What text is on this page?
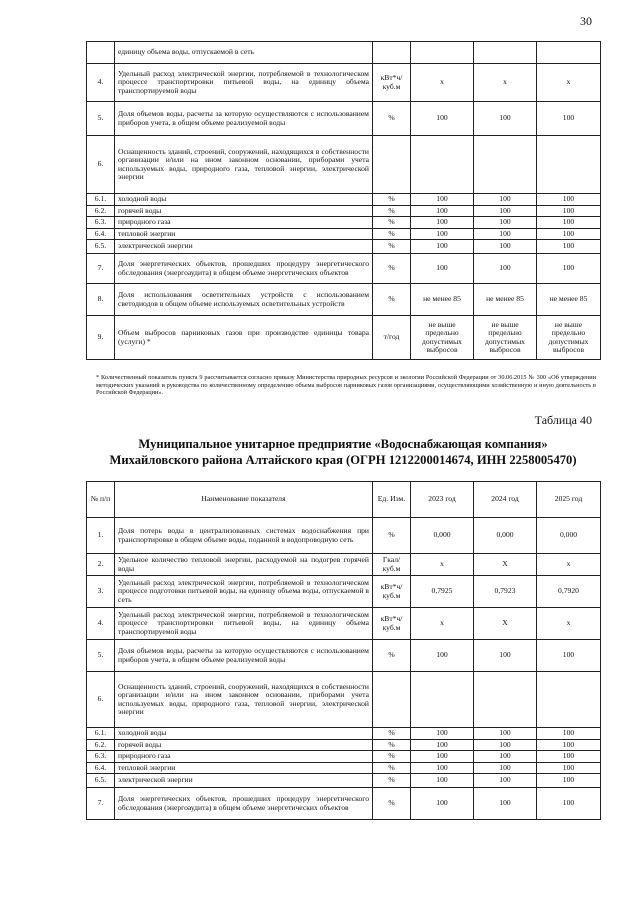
30
	единицу объема воды, отпускаемой в сеть				
4.	Удельный расход электрической энергии, потребляемой в технологическом процессе транспортировки питьевой воды, на единицу объема транспортируемой воды	кВт*ч/куб.м	х	х	х
5.	Доля объемов воды, расчеты за которую осуществляются с использованием приборов учета, в общем объеме реализуемой воды	%	100	100	100
6.	Оснащенность зданий, строений, сооружений, находящихся в собственности организации и/или на ином законном основании, приборами учета используемых воды, природного газа, тепловой энергии, электрической энергии				
6.1.	холодной воды	%	100	100	100
6.2.	горячей воды	%	100	100	100
6.3.	природного газа	%	100	100	100
6.4.	тепловой энергии	%	100	100	100
6.5.	электрической энергии	%	100	100	100
7.	Доля энергетических объектов, прошедших процедуру энергетического обследования (энергоаудита) в общем объеме энергетических объектов	%	100	100	100
8.	Доля использования осветительных устройств с использованием светодиодов в общем объеме используемых осветительных устройств	%	не менее 85	не менее 85	не менее 85
9.	Объем выбросов парниковых газов при производстве единицы товара (услуги) *	т/год	не выше предельно допустимых выбросов	не выше предельно допустимых выбросов	не выше предельно допустимых выбросов
* Количественный показатель пункта 9 рассчитывается согласно приказу Министерства природных ресурсов и экологии Российской Федерации от 30.06.2015 № 300 «Об утверждении методических указаний и руководства по количественному определению объема выбросов парниковых газов организациями, осуществляющими хозяйственную и иную деятельность в Российской Федерации».
Таблица 40
Муниципальное унитарное предприятие «Водоснабжающая компания»
Михайловского района Алтайского края (ОГРН 1212200014674, ИНН 2258005470)
№ п/п	Наименование показателя	Ед. Изм.	2023 год	2024 год	2025 год
1.	Доля потерь воды в централизованных системах водоснабжения при транспортировке в общем объеме воды, поданной в водопроводную сеть	%	0,000	0,000	0,000
2.	Удельное количество тепловой энергии, расходуемой на подогрев горячей воды	Гкал/куб.м	х	Х	х
3.	Удельный расход электрической энергии, потребляемой в технологическом процессе подготовки питьевой воды, на единицу объема воды, отпускаемой в сеть	кВт*ч/куб.м	0,7925	0,7923	0,7920
4.	Удельный расход электрической энергии, потребляемой в технологическом процессе транспортировки питьевой воды, на единицу объема транспортируемой воды	кВт*ч/куб.м	х	Х	х
5.	Доля объемов воды, расчеты за которую осуществляются с использованием приборов учета, в общем объеме реализуемой воды	%	100	100	100
6.	Оснащенность зданий, строений, сооружений, находящихся в собственности организации и/или на ином законном основании, приборами учета используемых воды, природного газа, тепловой энергии, электрической энергии				
6.1.	холодной воды	%	100	100	100
6.2.	горячей воды	%	100	100	100
6.3.	природного газа	%	100	100	100
6.4.	тепловой энергии	%	100	100	100
6.5.	электрической энергии	%	100	100	100
7.	Доля энергетических объектов, прошедших процедуру энергетического обследования (энергоаудита) в общем объеме энергетических объектов	%	100	100	100
